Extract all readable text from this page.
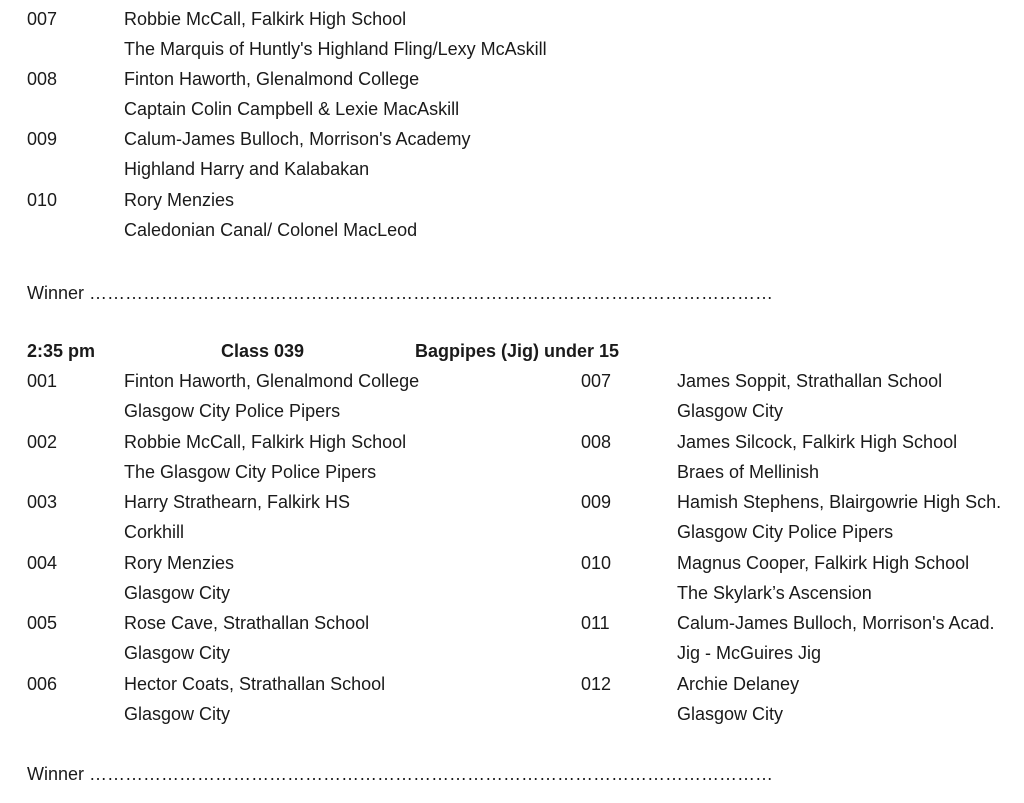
007	Robbie McCall, Falkirk High School
The Marquis of Huntly's Highland Fling/Lexy McAskill
008	Finton Haworth, Glenalmond College
Captain Colin Campbell & Lexie MacAskill
009	Calum-James Bulloch, Morrison's Academy
Highland Harry and Kalabakan
010	Rory Menzies
Caledonian Canal/ Colonel MacLeod
Winner ……………………………………………………………………………………………………
2:35 pm	Class 039	Bagpipes (Jig) under 15
001	Finton Haworth, Glenalmond College
Glasgow City Police Pipers
002	Robbie McCall, Falkirk High School
The Glasgow City Police Pipers
003	Harry Strathearn, Falkirk HS
Corkhill
004	Rory Menzies
Glasgow City
005	Rose Cave, Strathallan School
Glasgow City
006	Hector Coats, Strathallan School
Glasgow City
007	James Soppit, Strathallan School
Glasgow City
008	James Silcock, Falkirk High School
Braes of Mellinish
009	Hamish Stephens, Blairgowrie High Sch.
Glasgow City Police Pipers
010	Magnus Cooper, Falkirk High School
The Skylark’s Ascension
011	Calum-James Bulloch, Morrison's Acad.
Jig - McGuires Jig
012	Archie Delaney
Glasgow City
Winner ……………………………………………………………………………………………………
